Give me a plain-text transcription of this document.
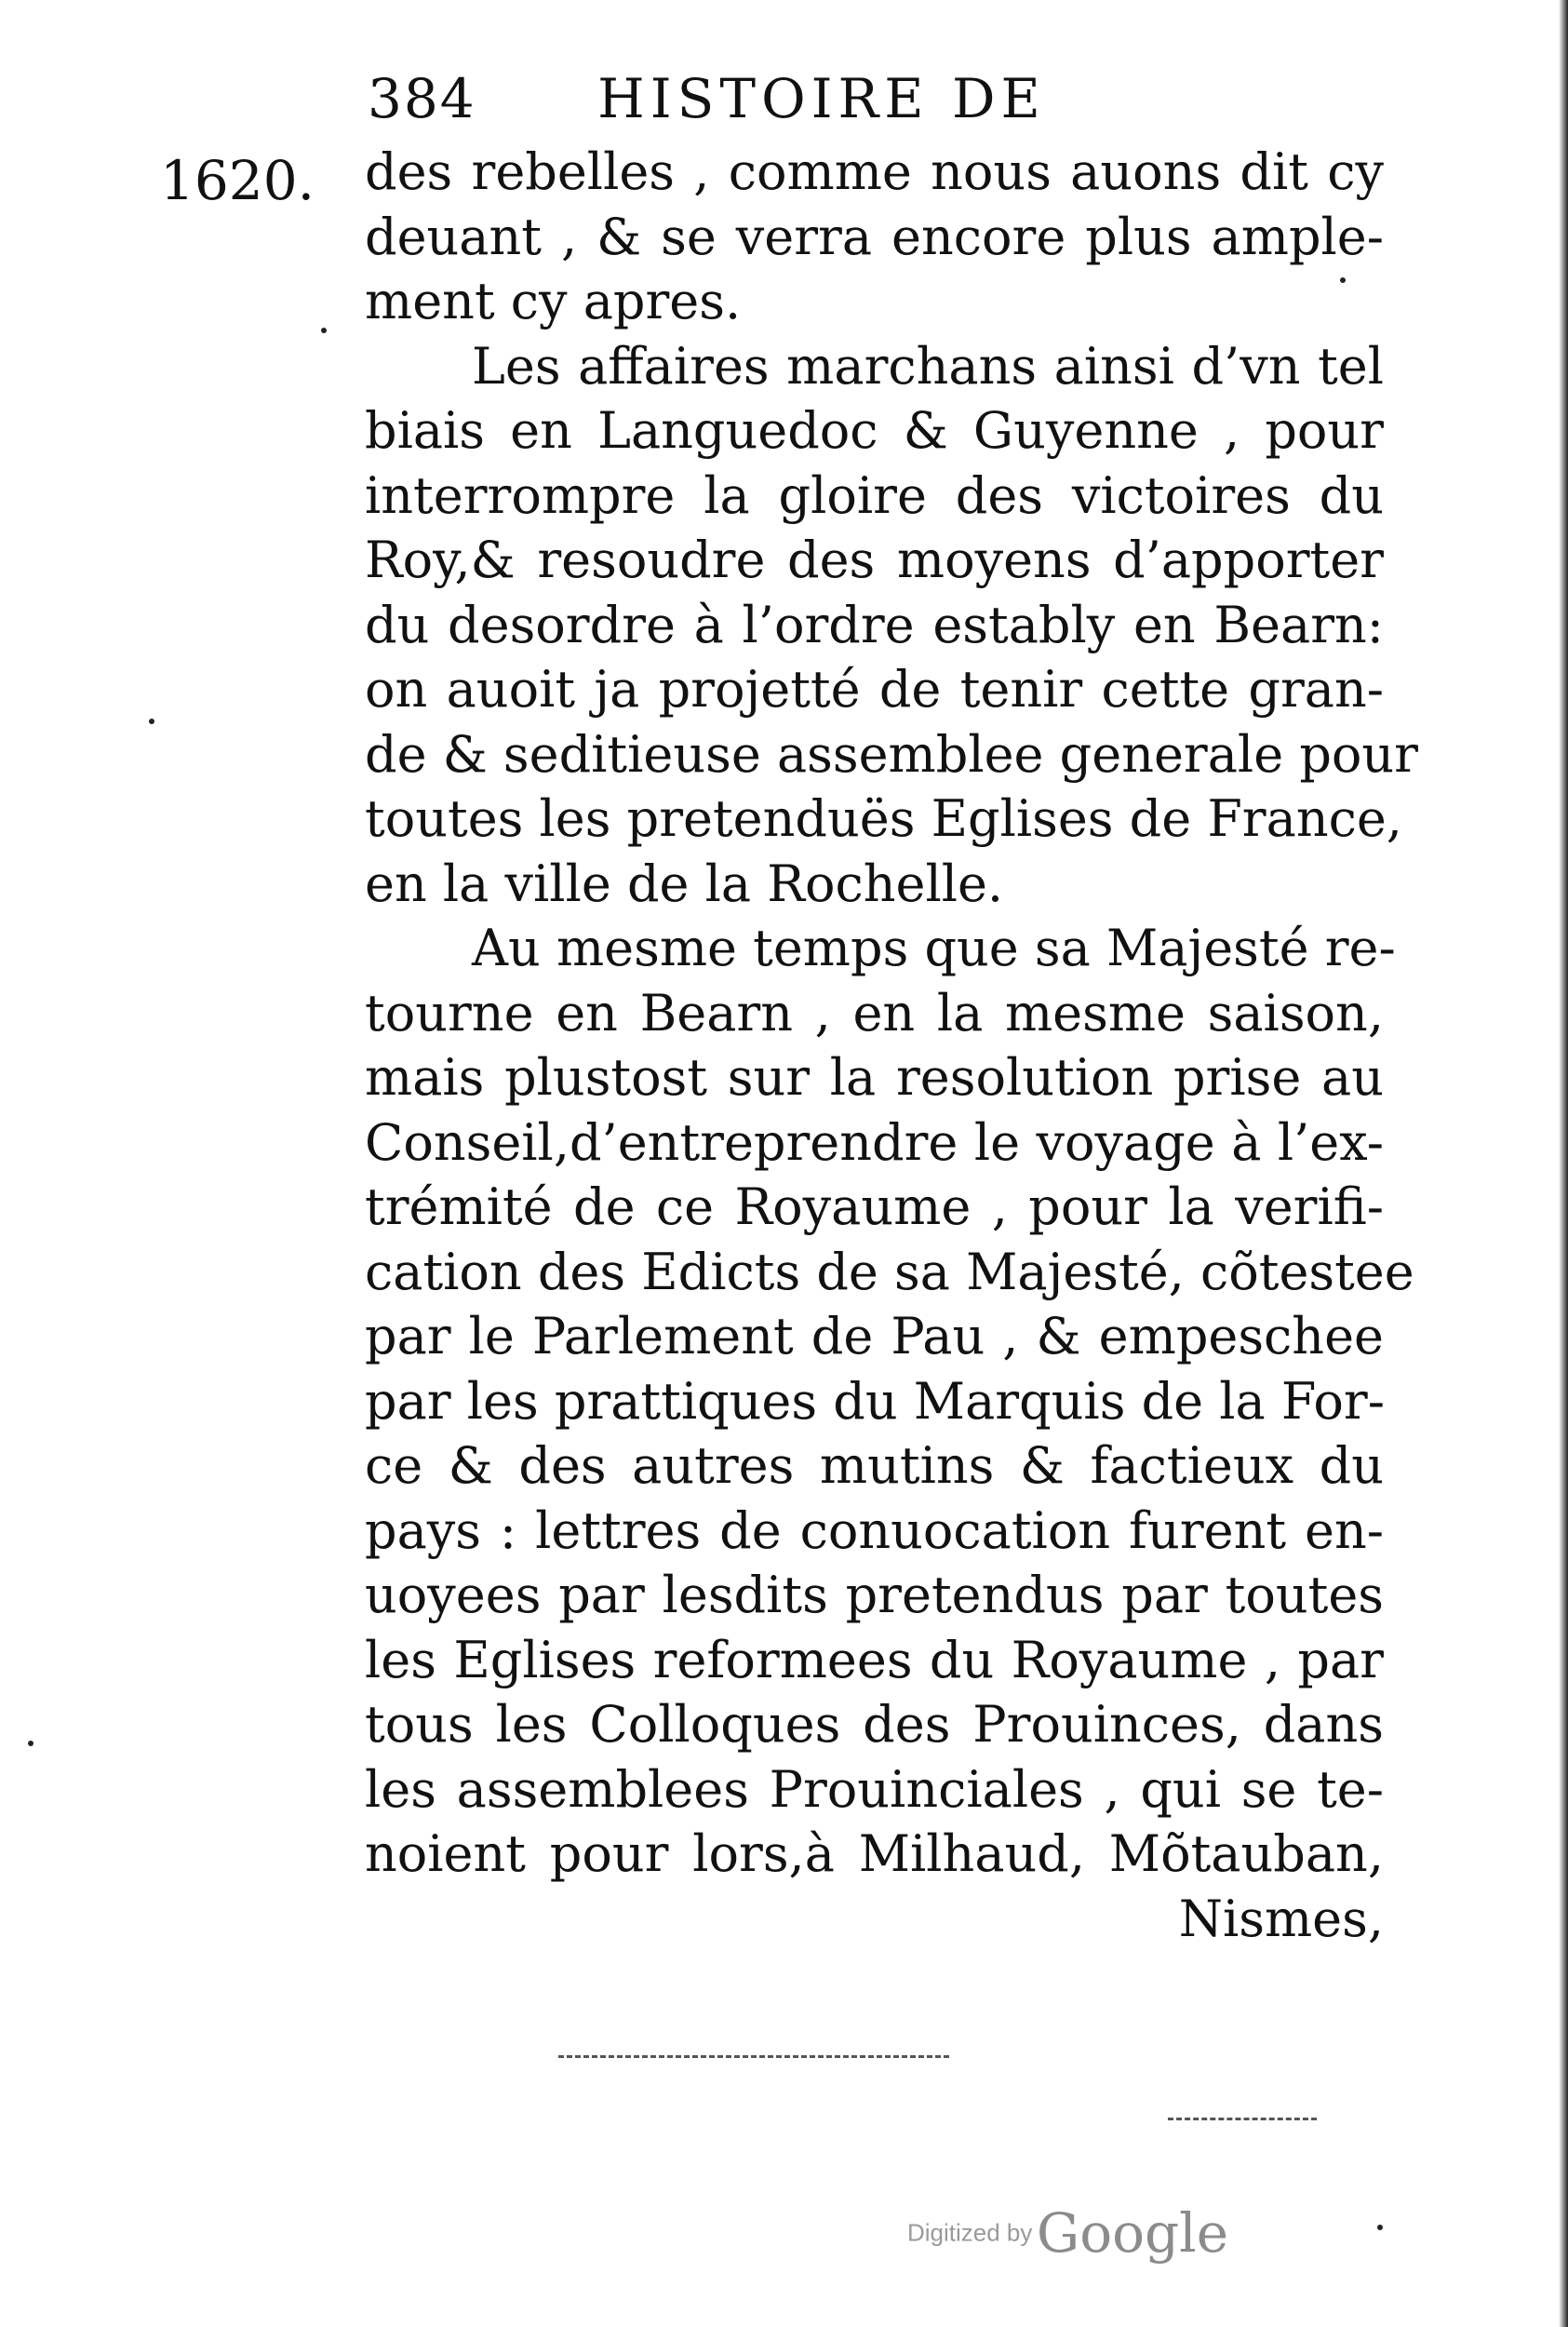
384 HISTOIRE DE
1620. des rebelles , comme nous auons dit cy
deuant , & se verra encore plus ample-
ment cy apres.
Les affaires marchans ainsi d’vn tel
biais en Languedoc & Guyenne , pour
interrompre la gloire des victoires du
Roy,& resoudre des moyens d’apporter
du desordre à l’ordre estably en Bearn:
on auoit ja projetté de tenir cette gran-
de & seditieuse assemblee generale pour
toutes les pretenduës Eglises de France,
en la ville de la Rochelle.
Au mesme temps que sa Majesté re-
tourne en Bearn , en la mesme saison,
mais plustost sur la resolution prise au
Conseil,d’entreprendre le voyage à l’ex-
trémité de ce Royaume , pour la verifi-
cation des Edicts de sa Majesté, cõtestee
par le Parlement de Pau , & empeschee
par les prattiques du Marquis de la For-
ce & des autres mutins & factieux du
pays : lettres de conuocation furent en-
uoyees par lesdits pretendus par toutes
les Eglises reformees du Royaume , par
tous les Colloques des Prouinces, dans
les assemblees Prouinciales , qui se te-
noient pour lors,à Milhaud, Mõtauban,
Nismes,
Digitized by Google
